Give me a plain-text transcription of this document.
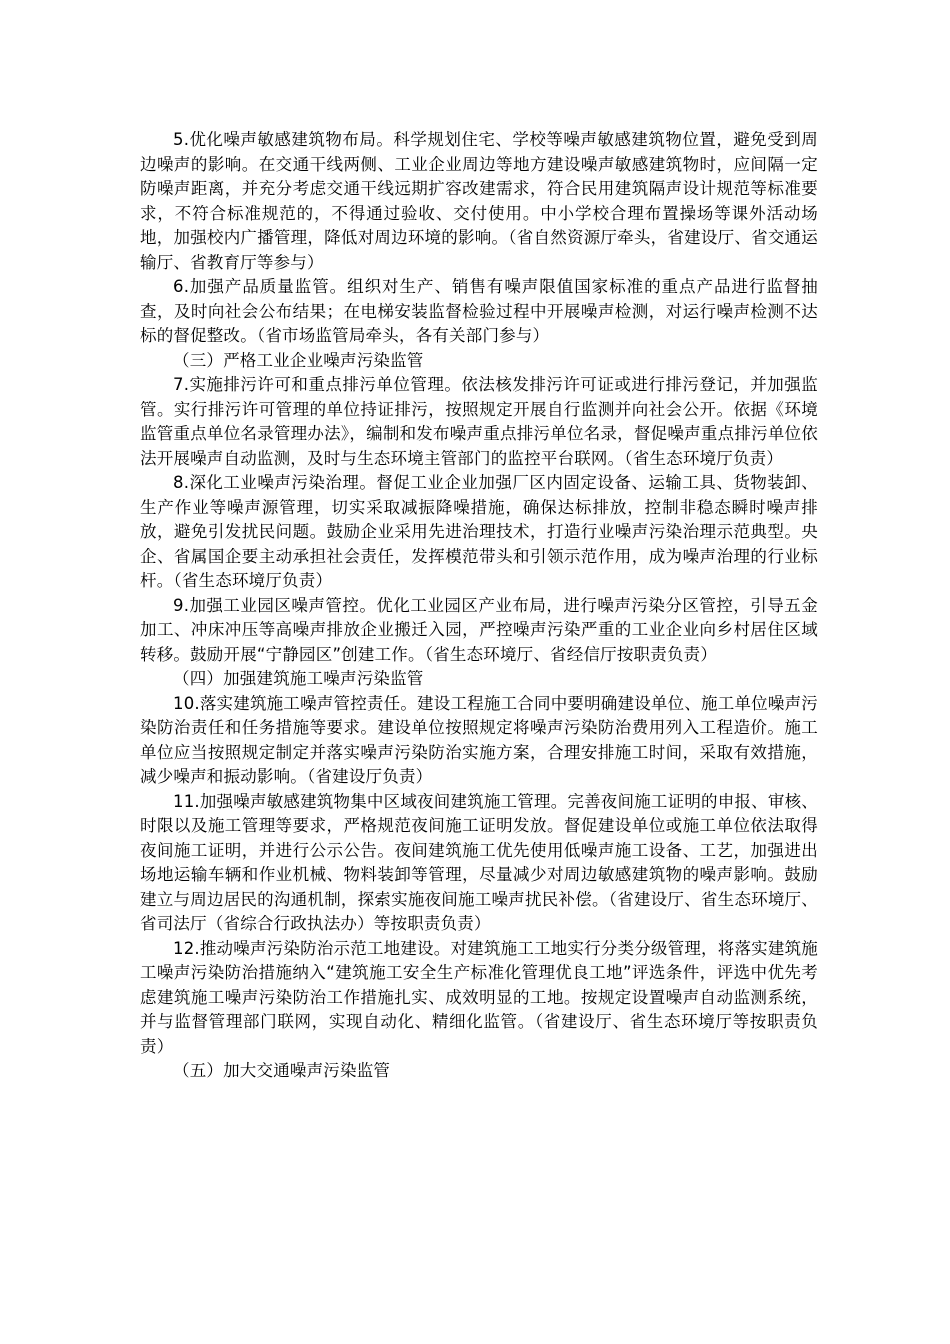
5.优化噪声敏感建筑物布局。科学规划住宅、学校等噪声敏感建筑物位置，避免受到周边噪声的影响。在交通干线两侧、工业企业周边等地方建设噪声敏感建筑物时，应间隔一定防噪声距离，并充分考虑交通干线远期扩容改建需求，符合民用建筑隔声设计规范等标准要求，不符合标准规范的，不得通过验收、交付使用。中小学校合理布置操场等课外活动场地，加强校内广播管理，降低对周边环境的影响。（省自然资源厅牵头，省建设厅、省交通运输厅、省教育厅等参与）

6.加强产品质量监管。组织对生产、销售有噪声限值国家标准的重点产品进行监督抽查，及时向社会公布结果；在电梯安装监督检验过程中开展噪声检测，对运行噪声检测不达标的督促整改。（省市场监管局牵头，各有关部门参与）

（三）严格工业企业噪声污染监管

7.实施排污许可和重点排污单位管理。依法核发排污许可证或进行排污登记，并加强监管。实行排污许可管理的单位持证排污，按照规定开展自行监测并向社会公开。依据《环境监管重点单位名录管理办法》，编制和发布噪声重点排污单位名录，督促噪声重点排污单位依法开展噪声自动监测，及时与生态环境主管部门的监控平台联网。（省生态环境厅负责）

8.深化工业噪声污染治理。督促工业企业加强厂区内固定设备、运输工具、货物装卸、生产作业等噪声源管理，切实采取减振降噪措施，确保达标排放，控制非稳态瞬时噪声排放，避免引发扰民问题。鼓励企业采用先进治理技术，打造行业噪声污染治理示范典型。央企、省属国企要主动承担社会责任，发挥模范带头和引领示范作用，成为噪声治理的行业标杆。（省生态环境厅负责）

9.加强工业园区噪声管控。优化工业园区产业布局，进行噪声污染分区管控，引导五金加工、冲床冲压等高噪声排放企业搬迁入园，严控噪声污染严重的工业企业向乡村居住区域转移。鼓励开展“宁静园区”创建工作。（省生态环境厅、省经信厅按职责负责）

（四）加强建筑施工噪声污染监管

10.落实建筑施工噪声管控责任。建设工程施工合同中要明确建设单位、施工单位噪声污染防治责任和任务措施等要求。建设单位按照规定将噪声污染防治费用列入工程造价。施工单位应当按照规定制定并落实噪声污染防治实施方案，合理安排施工时间，采取有效措施，减少噪声和振动影响。（省建设厅负责）

11.加强噪声敏感建筑物集中区域夜间建筑施工管理。完善夜间施工证明的申报、审核、时限以及施工管理等要求，严格规范夜间施工证明发放。督促建设单位或施工单位依法取得夜间施工证明，并进行公示公告。夜间建筑施工优先使用低噪声施工设备、工艺，加强进出场地运输车辆和作业机械、物料装卸等管理，尽量减少对周边敏感建筑物的噪声影响。鼓励建立与周边居民的沟通机制，探索实施夜间施工噪声扰民补偿。（省建设厅、省生态环境厅、省司法厅（省综合行政执法办）等按职责负责）

12.推动噪声污染防治示范工地建设。对建筑施工工地实行分类分级管理，将落实建筑施工噪声污染防治措施纳入“建筑施工安全生产标准化管理优良工地”评选条件，评选中优先考虑建筑施工噪声污染防治工作措施扎实、成效明显的工地。按规定设置噪声自动监测系统，并与监督管理部门联网，实现自动化、精细化监管。（省建设厅、省生态环境厅等按职责负责）

（五）加大交通噪声污染监管
